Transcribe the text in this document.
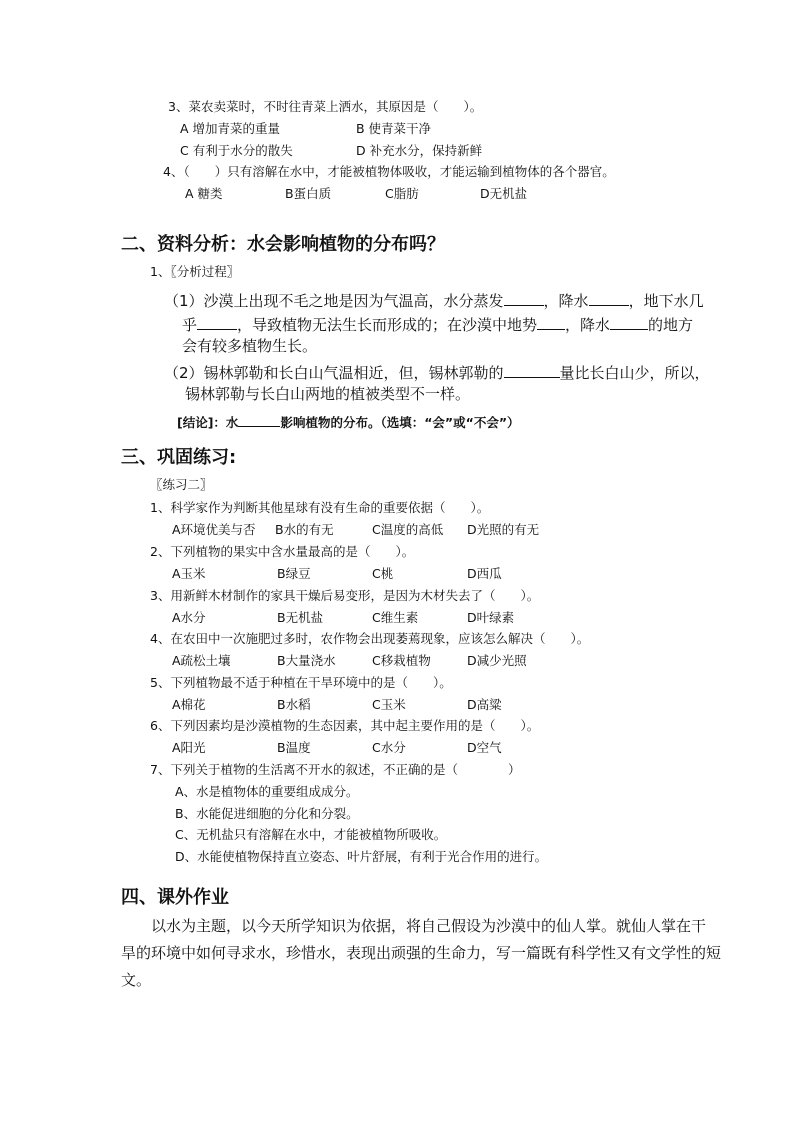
3、菜农卖菜时，不时往青菜上洒水，其原因是（　　）。
A 增加青菜的重量	B 使青菜干净
C 有利于水分的散失	D 补充水分，保持新鲜
4、（　　）只有溶解在水中，才能被植物体吸收，才能运输到植物体的各个器官。
A 糖类	B蛋白质	C脂肪	D无机盐
二、资料分析：水会影响植物的分布吗？
1、〖分析过程〗
（1）沙漠上出现不毛之地是因为气温高，水分蒸发	，降水	，地下水几
乎	，导致植物无法生长而形成的；在沙漠中地势 ，降水	的地方
会有较多植物生长。
（2）锡林郭勒和长白山气温相近，但，锡林郭勒的	量比长白山少，所以，
锡林郭勒与长白山两地的植被类型不一样。
[结论]：水	影响植物的分布。（选填：“会”或“不会”）
三、巩固练习:
〖练习二〗
1、科学家作为判断其他星球有没有生命的重要依据（　　）。
A环境优美与否 B水的有无	C温度的高低 D光照的有无
2、下列植物的果实中含水量最高的是（　　）。
A玉米	B绿豆	C桃	D西瓜
3、用新鲜木材制作的家具干燥后易变形，是因为木材失去了（　　）。
A水分	B无机盐	C维生素	D叶绿素
4、在农田中一次施肥过多时，农作物会出现萎蔫现象，应该怎么解决（　　）。
A疏松土壤	B大量浇水	C移栽植物	D减少光照
5、下列植物最不适于种植在干旱环境中的是（　　）。
A棉花	B水稻	C玉米	D高粱
6、下列因素均是沙漠植物的生态因素，其中起主要作用的是（　　）。
A阳光	B温度	C水分	D空气
7、下列关于植物的生活离不开水的叙述，不正确的是（　　　　）
A、水是植物体的重要组成成分。
B、水能促进细胞的分化和分裂。
C、无机盐只有溶解在水中，才能被植物所吸收。
D、水能使植物保持直立姿态、叶片舒展，有利于光合作用的进行。
四、课外作业
以水为主题，以今天所学知识为依据，将自己假设为沙漠中的仙人掌。就仙人掌在干
旱的环境中如何寻求水，珍惜水，表现出顽强的生命力，写一篇既有科学性又有文学性的短
文。
